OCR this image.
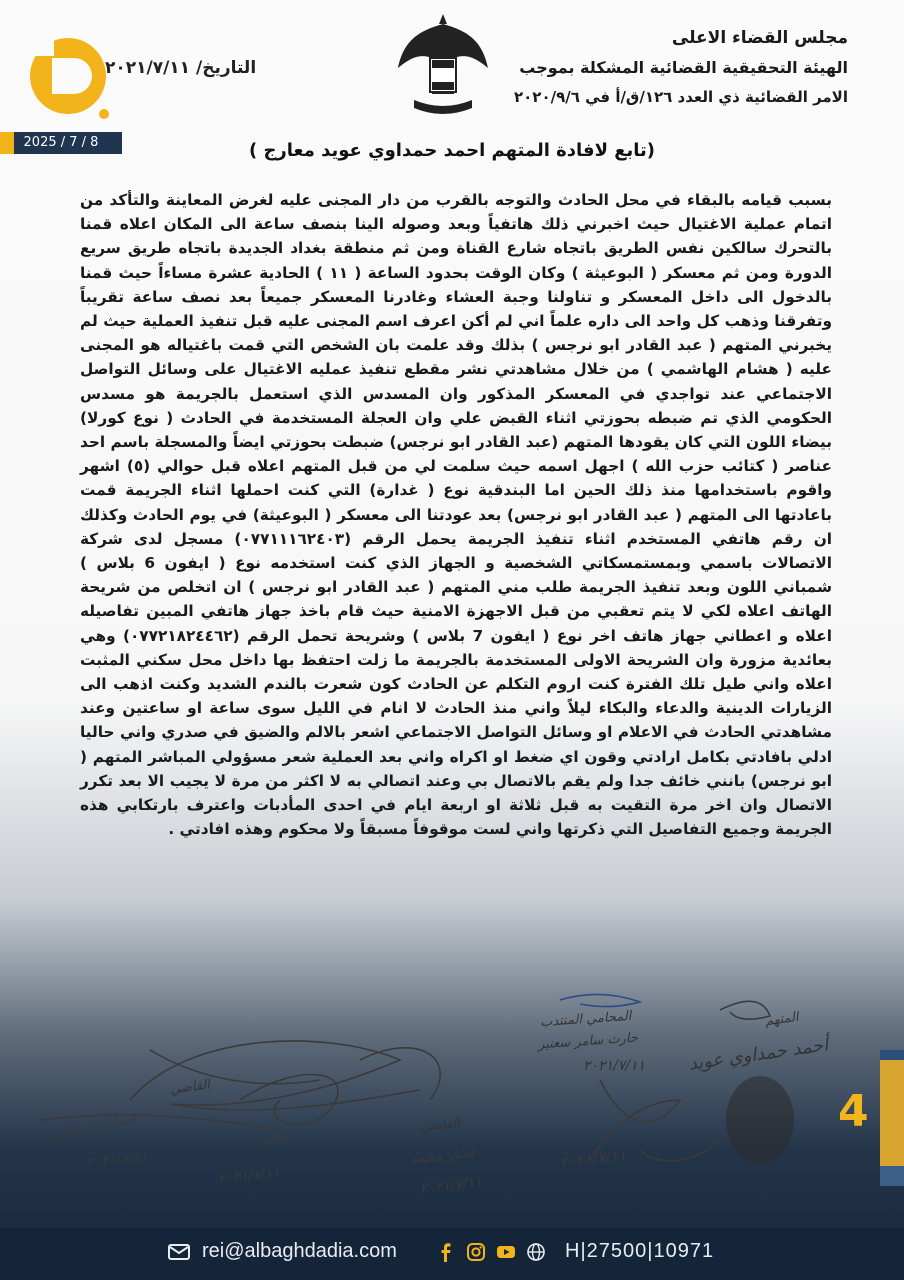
2025 / 7 / 8
التاريخ/ ٢٠٢١/٧/١١
مجلس القضاء الاعلى
الهيئة التحقيقية القضائية المشكلة بموجب
الامر القضائية ذي العدد ١٢٦/ق/أ في ٢٠٢٠/٩/٦
(تابع لافادة المتهم احمد حمداوي عويد معارج )
بسبب قيامه بالبقاء في محل الحادث والتوجه بالقرب من دار المجنى عليه لغرض المعاينة والتأكد من اتمام عملية الاغتيال حيث اخبرني ذلك هاتفياً وبعد وصوله الينا بنصف ساعة الى المكان اعلاه قمنا بالتحرك سالكين نفس الطريق باتجاه شارع القناة ومن ثم منطقة بغداد الجديدة باتجاه طريق سريع الدورة ومن ثم معسكر ( البوعيثة ) وكان الوقت بحدود الساعة ( ١١ ) الحادية عشرة مساءاً حيث قمنا بالدخول الى داخل المعسكر و تناولنا وجبة العشاء وغادرنا المعسكر جميعاً بعد نصف ساعة تقريباً وتفرقنا وذهب كل واحد الى داره علماً اني لم أكن اعرف اسم المجنى عليه قبل تنفيذ العملية حيث لم يخبرني المتهم ( عبد القادر ابو نرجس ) بذلك وقد علمت بان الشخص التي قمت باغتياله هو المجنى عليه ( هشام الهاشمي ) من خلال مشاهدتي نشر مقطع تنفيذ عمليه الاغتيال على وسائل التواصل الاجتماعي عند تواجدي في المعسكر المذكور وان المسدس الذي استعمل بالجريمة هو مسدس الحكومي الذي تم ضبطه بحوزتي اثناء القبض علي وان العجلة المستخدمة في الحادث ( نوع كورلا) بيضاء اللون التي كان يقودها المتهم (عبد القادر ابو نرجس) ضبطت بحوزتي ايضاً والمسجلة باسم احد عناصر ( كتائب حزب الله ) اجهل اسمه حيث سلمت لي من قبل المتهم اعلاه قبل حوالي (٥) اشهر واقوم باستخدامها منذ ذلك الحين اما البندقية نوع ( غدارة) التي كنت احملها اثناء الجريمة قمت باعادتها الى المتهم ( عبد القادر ابو نرجس) بعد عودتنا الى معسكر ( البوعيثة) في يوم الحادث وكذلك ان رقم هاتفي المستخدم اثناء تنفيذ الجريمة يحمل الرقم (٠٧٧١١١٦٢٤٠٣) مسجل لدى شركة الاتصالات باسمي وبمستمسكاتي الشخصية و الجهاز الذي كنت استخدمه نوع ( ايفون 6 بلاس ) شمباني اللون وبعد تنفيذ الجريمة طلب مني المتهم ( عبد القادر ابو نرجس ) ان اتخلص من شريحة الهاتف اعلاه لكي لا يتم تعقبي من قبل الاجهزة الامنية حيث قام باخذ جهاز هاتفي المبين تفاصيله اعلاه و اعطاني جهاز هاتف اخر نوع ( ايفون 7 بلاس ) وشريحة تحمل الرقم (٠٧٧٢١٨٢٤٤٦٢) وهي بعائدية مزورة وان الشريحة الاولى المستخدمة بالجريمة ما زلت احتفظ بها داخل محل سكني المثبت اعلاه واني طيل تلك الفترة كنت اروم التكلم عن الحادث كون شعرت بالندم الشديد وكنت اذهب الى الزيارات الدينية والدعاء والبكاء ليلاً واني منذ الحادث لا انام في الليل سوى ساعة او ساعتين وعند مشاهدتي الحادث في الاعلام او وسائل التواصل الاجتماعي اشعر بالالم والضيق في صدري واني حاليا ادلي بافادتي بكامل ارادتي وقون اي ضغط او اكراه واني بعد العملية شعر مسؤولي المباشر المتهم ( ابو نرجس) بانني خائف جدا ولم يقم بالاتصال بي وعند اتصالي به لا اكثر من مرة لا يجيب الا بعد تكرر الاتصال وان اخر مرة التقيت به قبل ثلاثة او اربعة ايام في احدى المأدبات واعترف بارتكابي هذه الجريمة وجميع التفاصيل التي ذكرتها واني لست موقوفاً مسبقاً ولا محكوم وهذه افادتي .
المحامي المنتدب
حارث سامر سعنير
٢٠٢١/٧/١١
المتهم
أحمد حمداوي عويد
القاضي
القاضي
حسام عبد الكريم
٢٠٢١/٧/١١
عضو
٢٠٢١/٧/١١
لشار محمد
٢٠٢١/٧/١١
٢٠٢١/٧/١١
4
rei@albaghdadia.com	H|27500|10971
